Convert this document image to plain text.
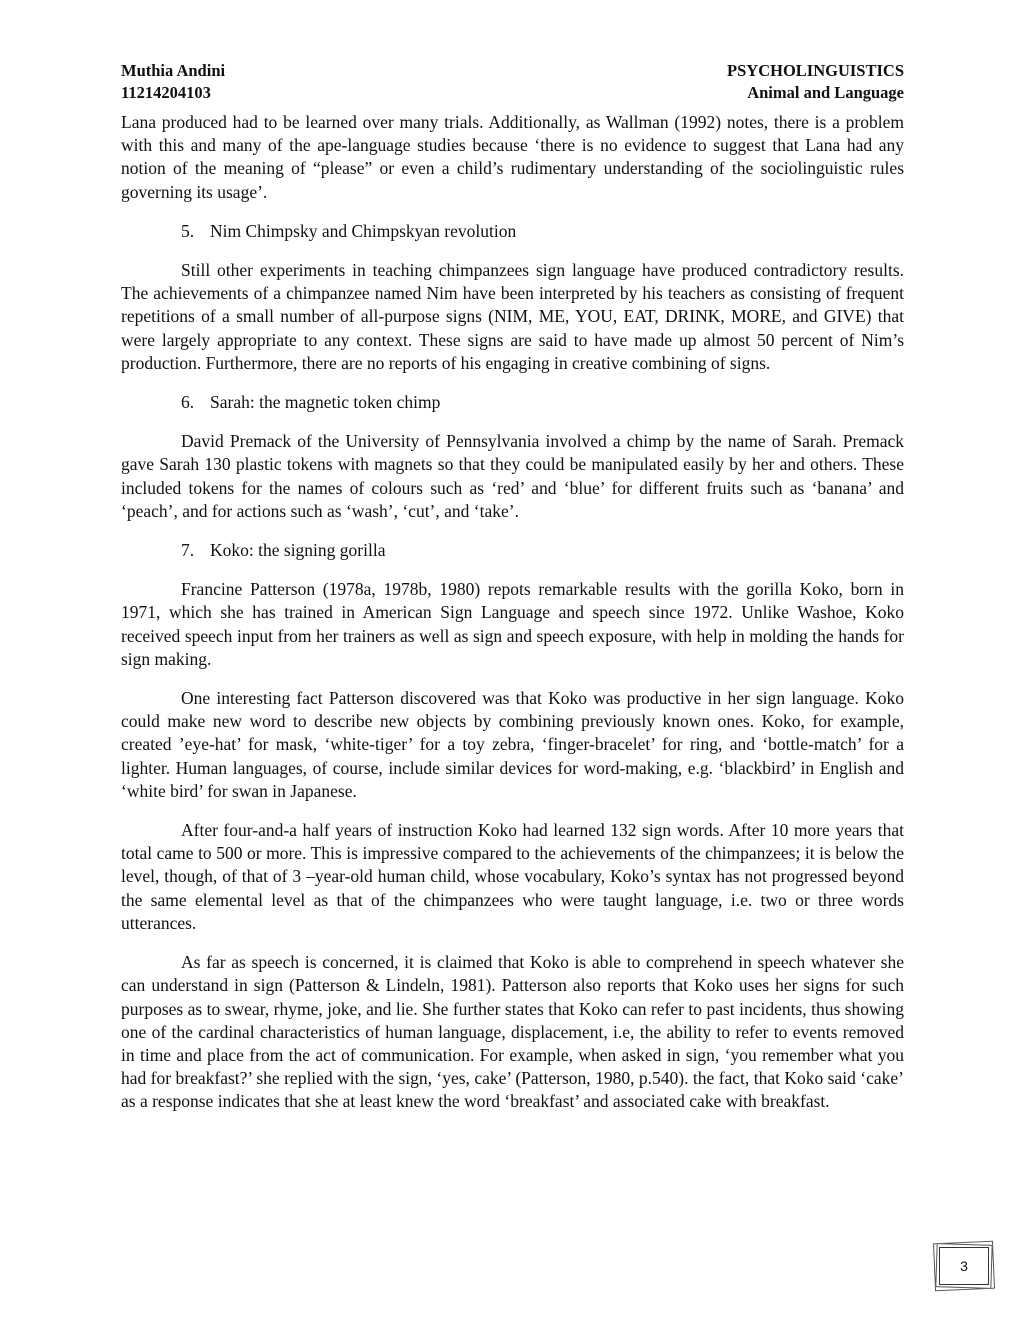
Muthia Andini
11214204103
PSYCHOLINGUISTICS
Animal and Language

Lana produced had to be learned over many trials. Additionally, as Wallman (1992) notes, there is a problem with this and many of the ape-language studies because ‘there is no evidence to suggest that Lana had any notion of the meaning of “please” or even a child’s rudimentary understanding of the sociolinguistic rules governing its usage’.

5. Nim Chimpsky and Chimpskyan revolution

Still other experiments in teaching chimpanzees sign language have produced contradictory results. The achievements of a chimpanzee named Nim have been interpreted by his teachers as consisting of frequent repetitions of a small number of all-purpose signs (NIM, ME, YOU, EAT, DRINK, MORE, and GIVE) that were largely appropriate to any context. These signs are said to have made up almost 50 percent of Nim’s production. Furthermore, there are no reports of his engaging in creative combining of signs.

6. Sarah: the magnetic token chimp

David Premack of the University of Pennsylvania involved a chimp by the name of Sarah. Premack gave Sarah 130 plastic tokens with magnets so that they could be manipulated easily by her and others. These included tokens for the names of colours such as ‘red’ and ‘blue’ for different fruits such as ‘banana’ and ‘peach’, and for actions such as ‘wash’, ‘cut’, and ‘take’.

7. Koko: the signing gorilla

Francine Patterson (1978a, 1978b, 1980) repots remarkable results with the gorilla Koko, born in 1971, which she has trained in American Sign Language and speech since 1972. Unlike Washoe, Koko received speech input from her trainers as well as sign and speech exposure, with help in molding the hands for sign making.

One interesting fact Patterson discovered was that Koko was productive in her sign language. Koko could make new word to describe new objects by combining previously known ones. Koko, for example, created ’eye-hat’ for mask, ‘white-tiger’ for a toy zebra, ‘finger-bracelet’ for ring, and ‘bottle-match’ for a lighter. Human languages, of course, include similar devices for word-making, e.g. ‘blackbird’ in English and ‘white bird’ for swan in Japanese.

After four-and-a half years of instruction Koko had learned 132 sign words. After 10 more years that total came to 500 or more. This is impressive compared to the achievements of the chimpanzees; it is below the level, though, of that of 3 –year-old human child, whose vocabulary, Koko’s syntax has not progressed beyond the same elemental level as that of the chimpanzees who were taught language, i.e. two or three words utterances.

As far as speech is concerned, it is claimed that Koko is able to comprehend in speech whatever she can understand in sign (Patterson & Lindeln, 1981). Patterson also reports that Koko uses her signs for such purposes as to swear, rhyme, joke, and lie. She further states that Koko can refer to past incidents, thus showing one of the cardinal characteristics of human language, displacement, i.e, the ability to refer to events removed in time and place from the act of communication. For example, when asked in sign, ‘you remember what you had for breakfast?’ she replied with the sign, ‘yes, cake’ (Patterson, 1980, p.540). the fact, that Koko said ‘cake’ as a response indicates that she at least knew the word ‘breakfast’ and associated cake with breakfast.

3
